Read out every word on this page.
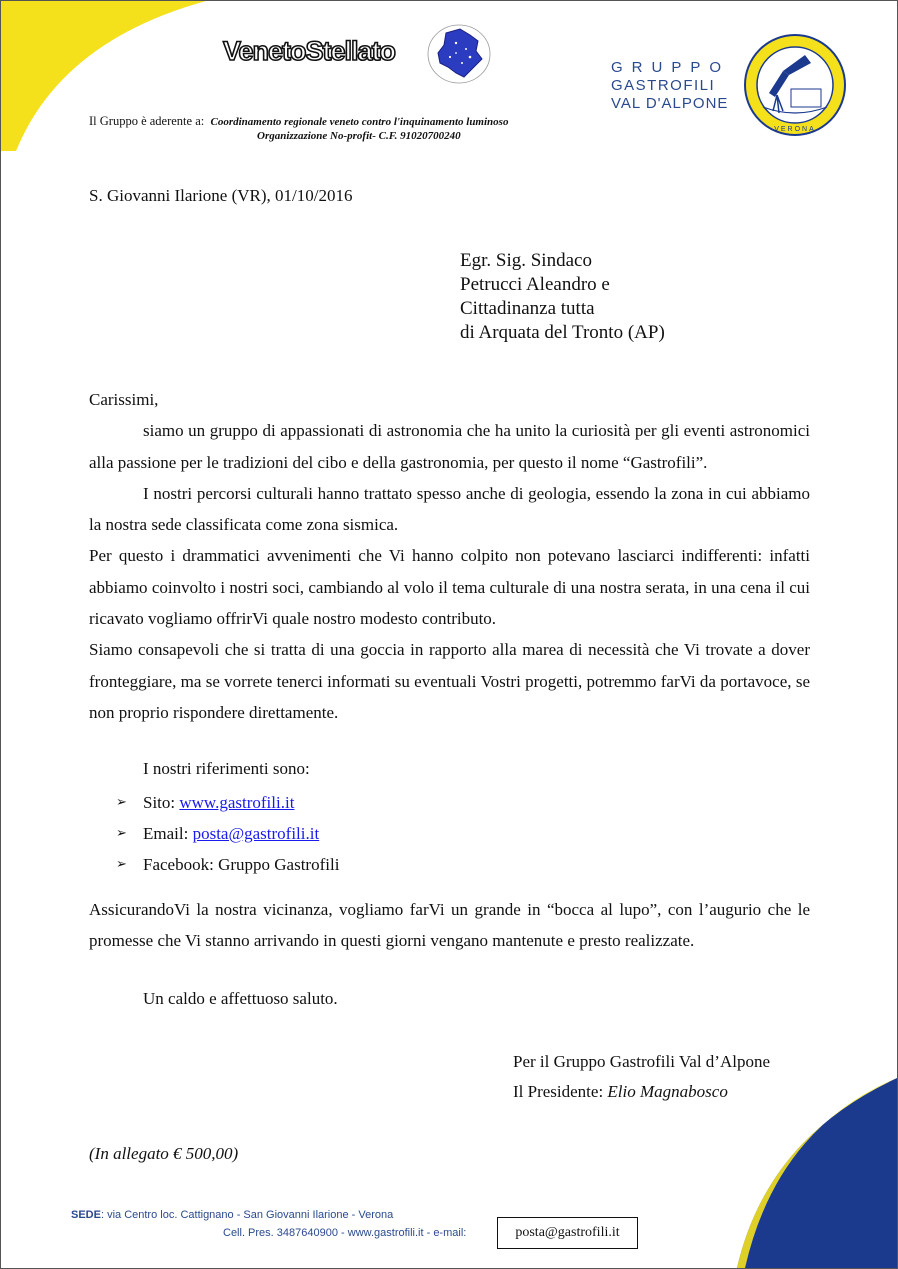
VenetoStellato
Il Gruppo è aderente a: Coordinamento regionale veneto contro l'inquinamento luminoso
Organizzazione No-profit- C.F. 91020700240
GRUPPO
GASTROFILI
VAL D'ALPONE
VERONA
S. Giovanni Ilarione (VR), 01/10/2016
Egr. Sig. Sindaco
Petrucci Aleandro e
Cittadinanza tutta
di Arquata del Tronto (AP)

Carissimi,

siamo un gruppo di appassionati di astronomia che ha unito la curiosità per gli eventi astronomici alla passione per le tradizioni del cibo e della gastronomia, per questo il nome “Gastrofili”.

I nostri percorsi culturali hanno trattato spesso anche di geologia, essendo la zona in cui abbiamo la nostra sede classificata come zona sismica.

Per questo i drammatici avvenimenti che Vi hanno colpito non potevano lasciarci indifferenti: infatti abbiamo coinvolto i nostri soci, cambiando al volo il tema culturale di una nostra serata, in una cena il cui ricavato vogliamo offrirVi quale nostro modesto contributo.

Siamo consapevoli che si tratta di una goccia in rapporto alla marea di necessità che Vi trovate a dover fronteggiare, ma se vorrete tenerci informati su eventuali Vostri progetti, potremmo farVi da portavoce, se non proprio rispondere direttamente.

I nostri riferimenti sono:
➢ Sito: www.gastrofili.it
➢ Email: posta@gastrofili.it
➢ Facebook: Gruppo Gastrofili
AssicurandoVi la nostra vicinanza, vogliamo farVi un grande in “bocca al lupo”, con l’augurio che le promesse che Vi stanno arrivando in questi giorni vengano mantenute e presto realizzate.
Un caldo e affettuoso saluto.
Per il Gruppo Gastrofili Val d’Alpone
Il Presidente: Elio Magnabosco
(In allegato € 500,00)
SEDE: via Centro loc. Cattignano - San Giovanni Ilarione - Verona
Cell. Pres. 3487640900 - www.gastrofili.it - e-mail:	posta@gastrofili.it
